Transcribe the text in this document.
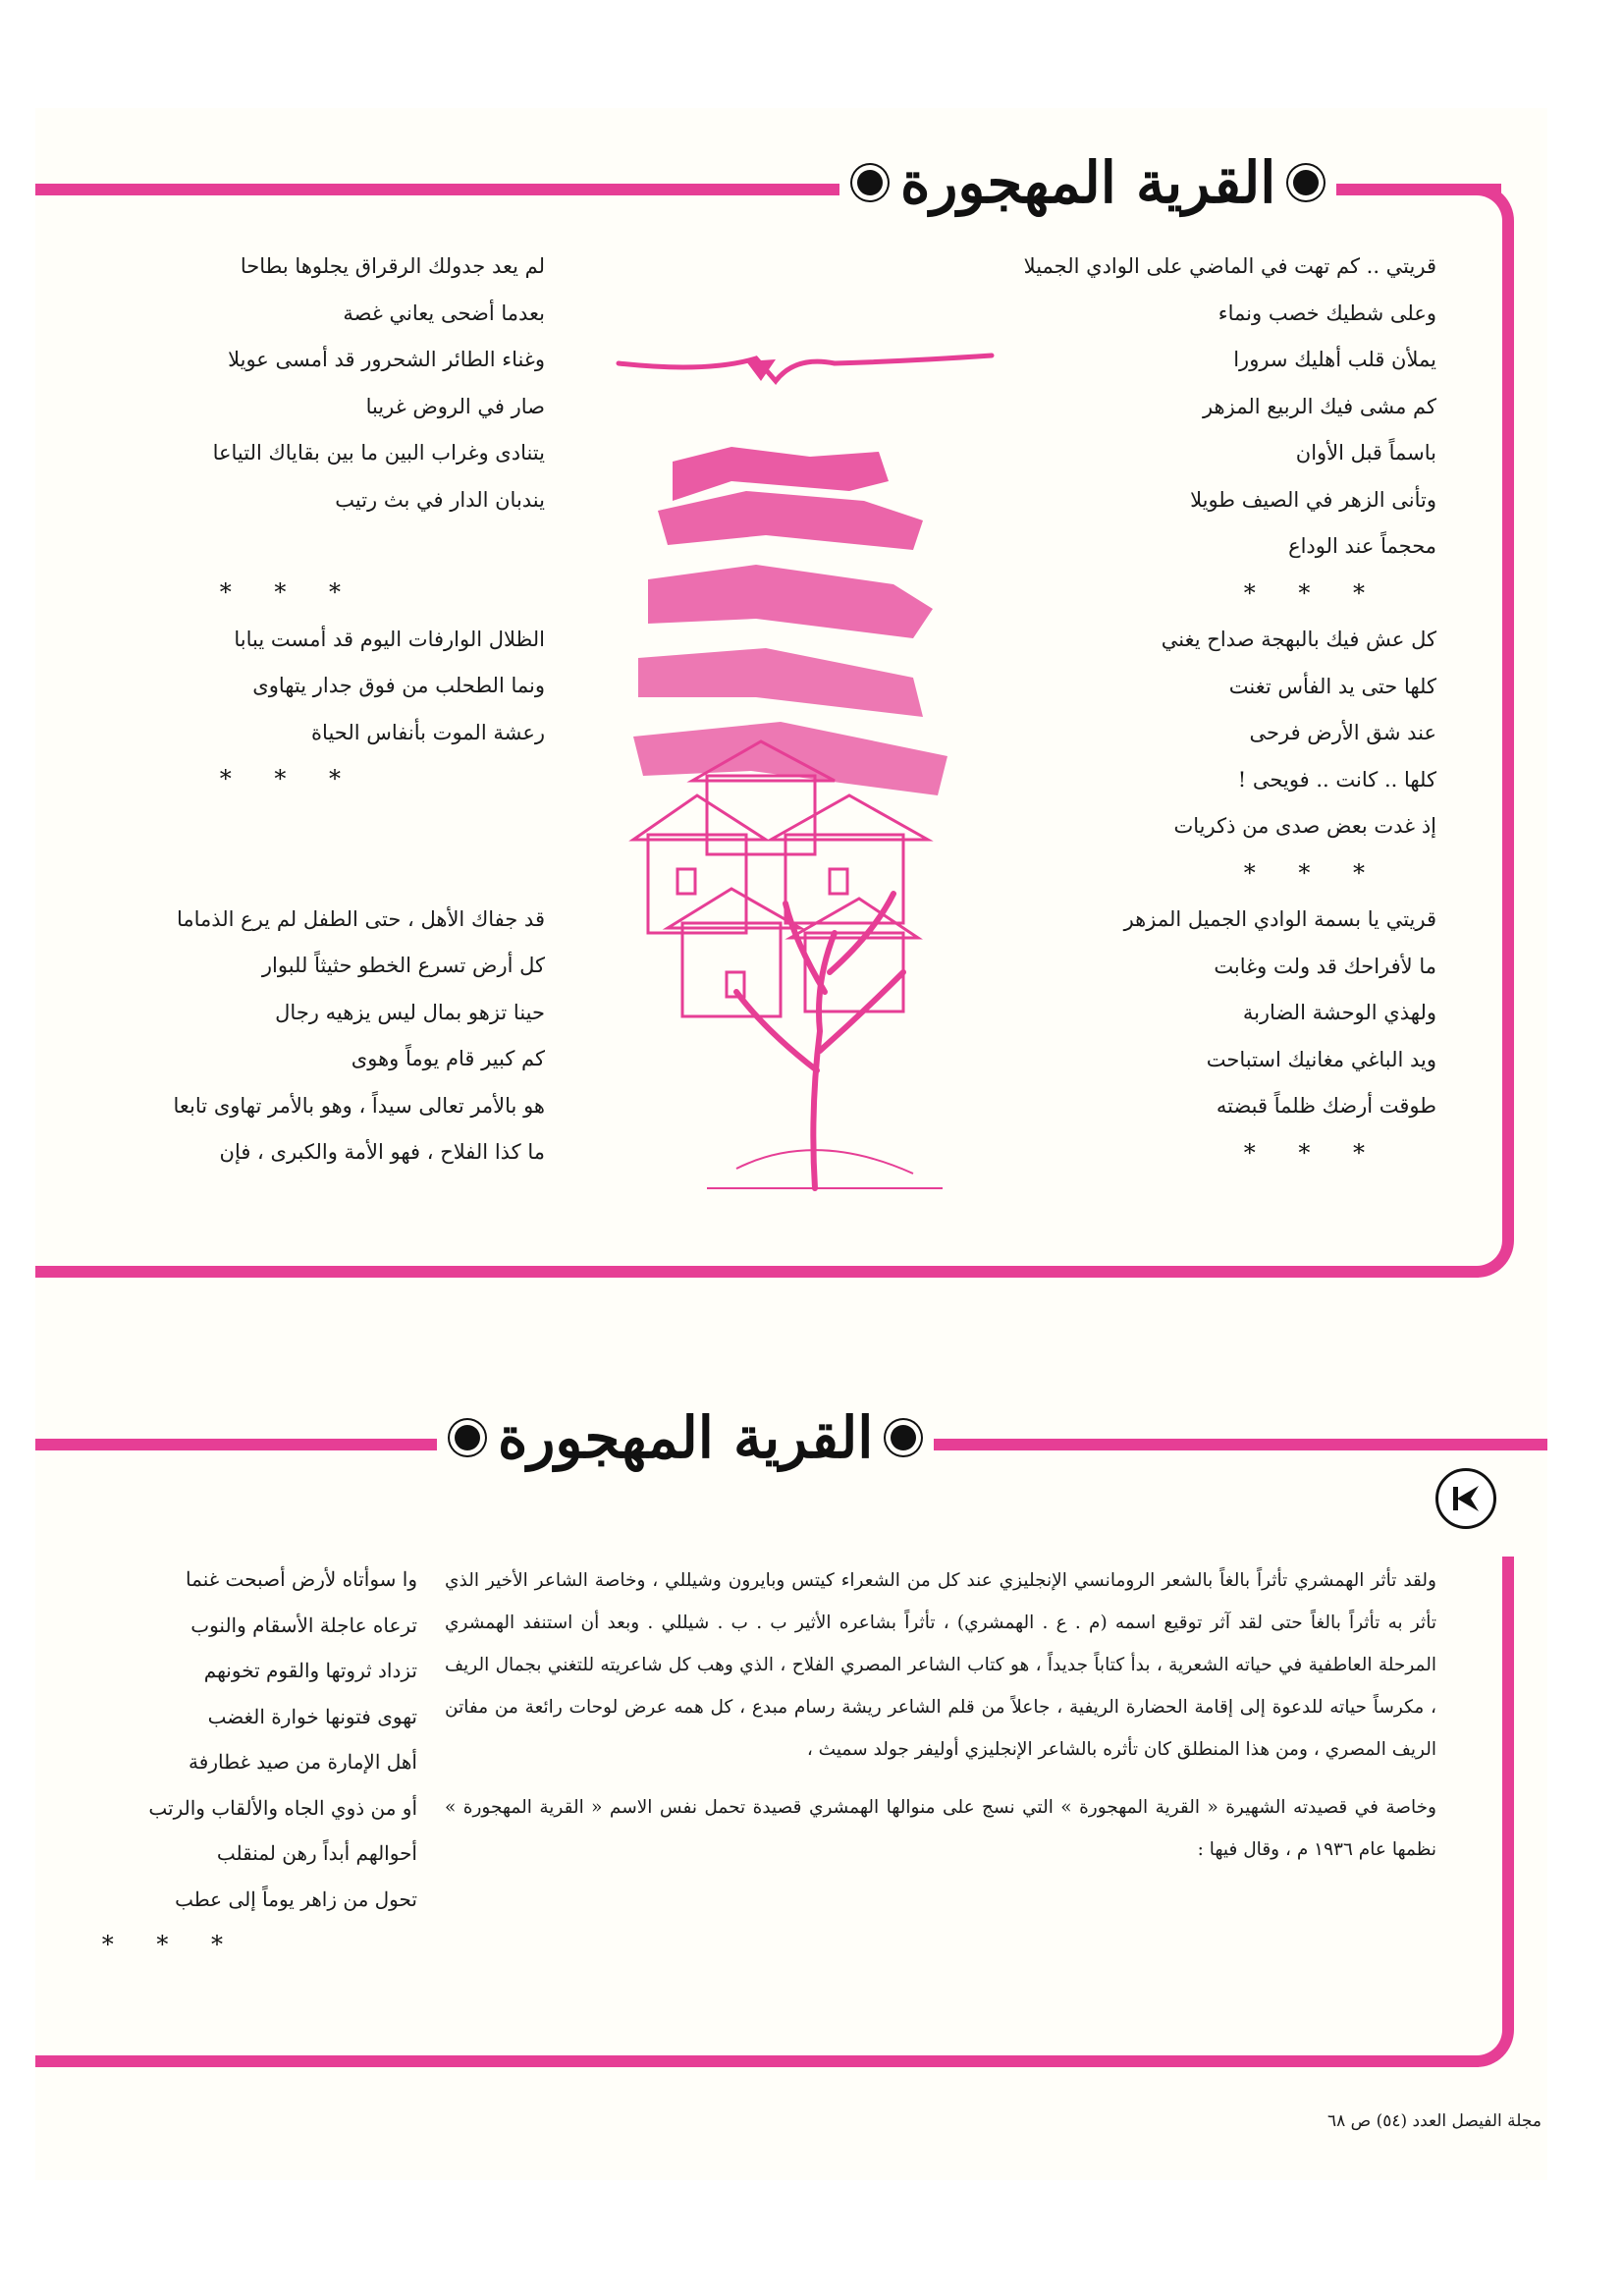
القرية المهجورة
قريتي .. كم تهت في الماضي على الوادي الجميلا
وعلى شطيك خصب ونماء
يملأن قلب أهليك سرورا
كم مشى فيك الربيع المزهر
باسماً قبل الأوان
وتأنى الزهر في الصيف طويلا
محجماً عند الوداع
* * *
كل عش فيك بالبهجة صداح يغني
كلها حتى يد الفأس تغنت
عند شق الأرض فرحى
كلها .. كانت .. فويحى !
إذ غدت بعض صدى من ذكريات
* * *
قريتي يا بسمة الوادي الجميل المزهر
ما لأفراحك قد ولت وغابت
ولهذي الوحشة الضاربة
ويد الباغي مغانيك استباحت
طوقت أرضك ظلماً قبضته
* * *
لم يعد جدولك الرقراق يجلوها بطاحا
بعدما أضحى يعاني غصة
وغناء الطائر الشحرور قد أمسى عويلا
صار في الروض غريبا
يتنادى وغراب البين ما بين بقاياك التياعا
يندبان الدار في بث رتيب
* * *
الظلال الوارفات اليوم قد أمست يبابا
ونما الطحلب من فوق جدار يتهاوى
رعشة الموت بأنفاس الحياة
* * *
قد جفاك الأهل ، حتى الطفل لم يرع الذماما
كل أرض تسرع الخطو حثيثاً للبوار
حينا تزهو بمال ليس يزهيه رجال
كم كبير قام يوماً وهوى
هو بالأمر تعالى سيداً ، وهو بالأمر تهاوى تابعا
ما كذا الفلاح ، فهو الأمة والكبرى ، فإن
القرية المهجورة

ولقد تأثر الهمشري تأثراً بالغاً بالشعر الرومانسي الإنجليزي عند كل من الشعراء كيتس وبايرون وشيللي ، وخاصة الشاعر الأخير الذي تأثر به تأثراً بالغاً حتى لقد آثر توقيع اسمه (م . ع . الهمشري) ، تأثراً بشاعره الأثير ب . ب . شيللي . وبعد أن استنفد الهمشري المرحلة العاطفية في حياته الشعرية ، بدأ كتاباً جديداً ، هو كتاب الشاعر المصري الفلاح ، الذي وهب كل شاعريته للتغني بجمال الريف ، مكرساً حياته للدعوة إلى إقامة الحضارة الريفية ، جاعلاً من قلم الشاعر ريشة رسام مبدع ، كل همه عرض لوحات رائعة من مفاتن الريف المصري ، ومن هذا المنطلق كان تأثره بالشاعر الإنجليزي أوليفر جولد سميث ،

وخاصة في قصيدته الشهيرة « القرية المهجورة » التي نسج على منوالها الهمشري قصيدة تحمل نفس الاسم « القرية المهجورة » نظمها عام ١٩٣٦ م ، وقال فيها :

وا سوأتاه لأرض أصبحت غنما
ترعاه عاجلة الأسقام والنوب
تزداد ثروتها والقوم تخونهم
تهوى فتونها خوارة الغضب
أهل الإمارة من صيد غطارفة
أو من ذوي الجاه والألقاب والرتب
أحوالهم أبداً رهن لمنقلب
تحول من زاهر يوماً إلى عطب
* * *
مجلة الفيصل العدد (٥٤) ص ٦٨
